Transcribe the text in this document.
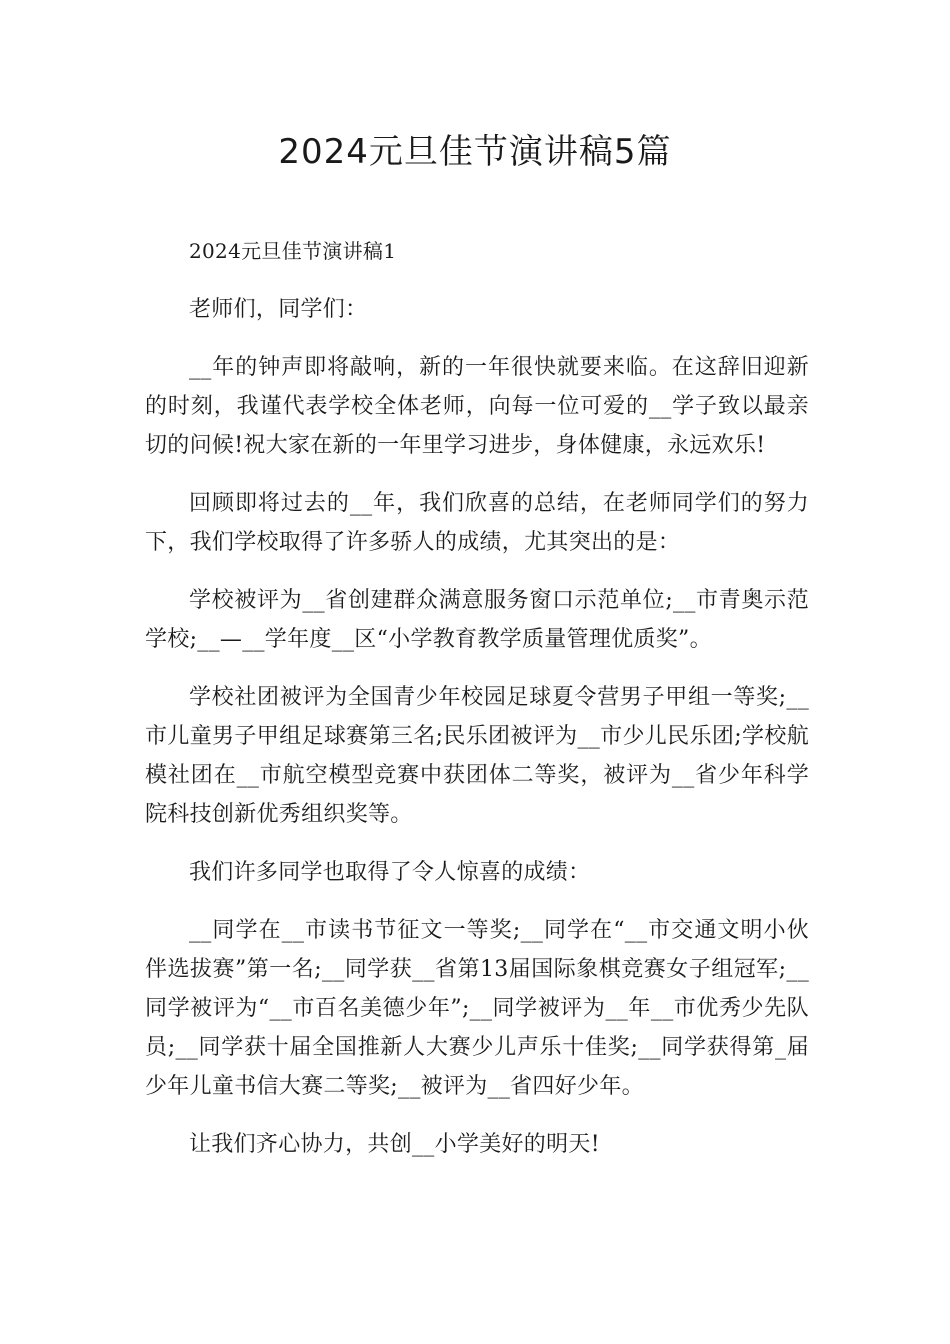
2024元旦佳节演讲稿5篇

2024元旦佳节演讲稿1

老师们，同学们：

__年的钟声即将敲响，新的一年很快就要来临。在这辞旧迎新的时刻，我谨代表学校全体老师，向每一位可爱的__学子致以最亲切的问候!祝大家在新的一年里学习进步，身体健康，永远欢乐!

回顾即将过去的__年，我们欣喜的总结，在老师同学们的努力下，我们学校取得了许多骄人的成绩，尤其突出的是：

学校被评为__省创建群众满意服务窗口示范单位;__市青奥示范学校;__—__学年度__区“小学教育教学质量管理优质奖”。

学校社团被评为全国青少年校园足球夏令营男子甲组一等奖;__市儿童男子甲组足球赛第三名;民乐团被评为__市少儿民乐团;学校航模社团在__市航空模型竞赛中获团体二等奖，被评为__省少年科学院科技创新优秀组织奖等。

我们许多同学也取得了令人惊喜的成绩：

__同学在__市读书节征文一等奖;__同学在“__市交通文明小伙伴选拔赛”第一名;__同学获__省第13届国际象棋竞赛女子组冠军;__同学被评为“__市百名美德少年”;__同学被评为__年__市优秀少先队员;__同学获十届全国推新人大赛少儿声乐十佳奖;__同学获得第_届少年儿童书信大赛二等奖;__被评为__省四好少年。

让我们齐心协力，共创__小学美好的明天!
